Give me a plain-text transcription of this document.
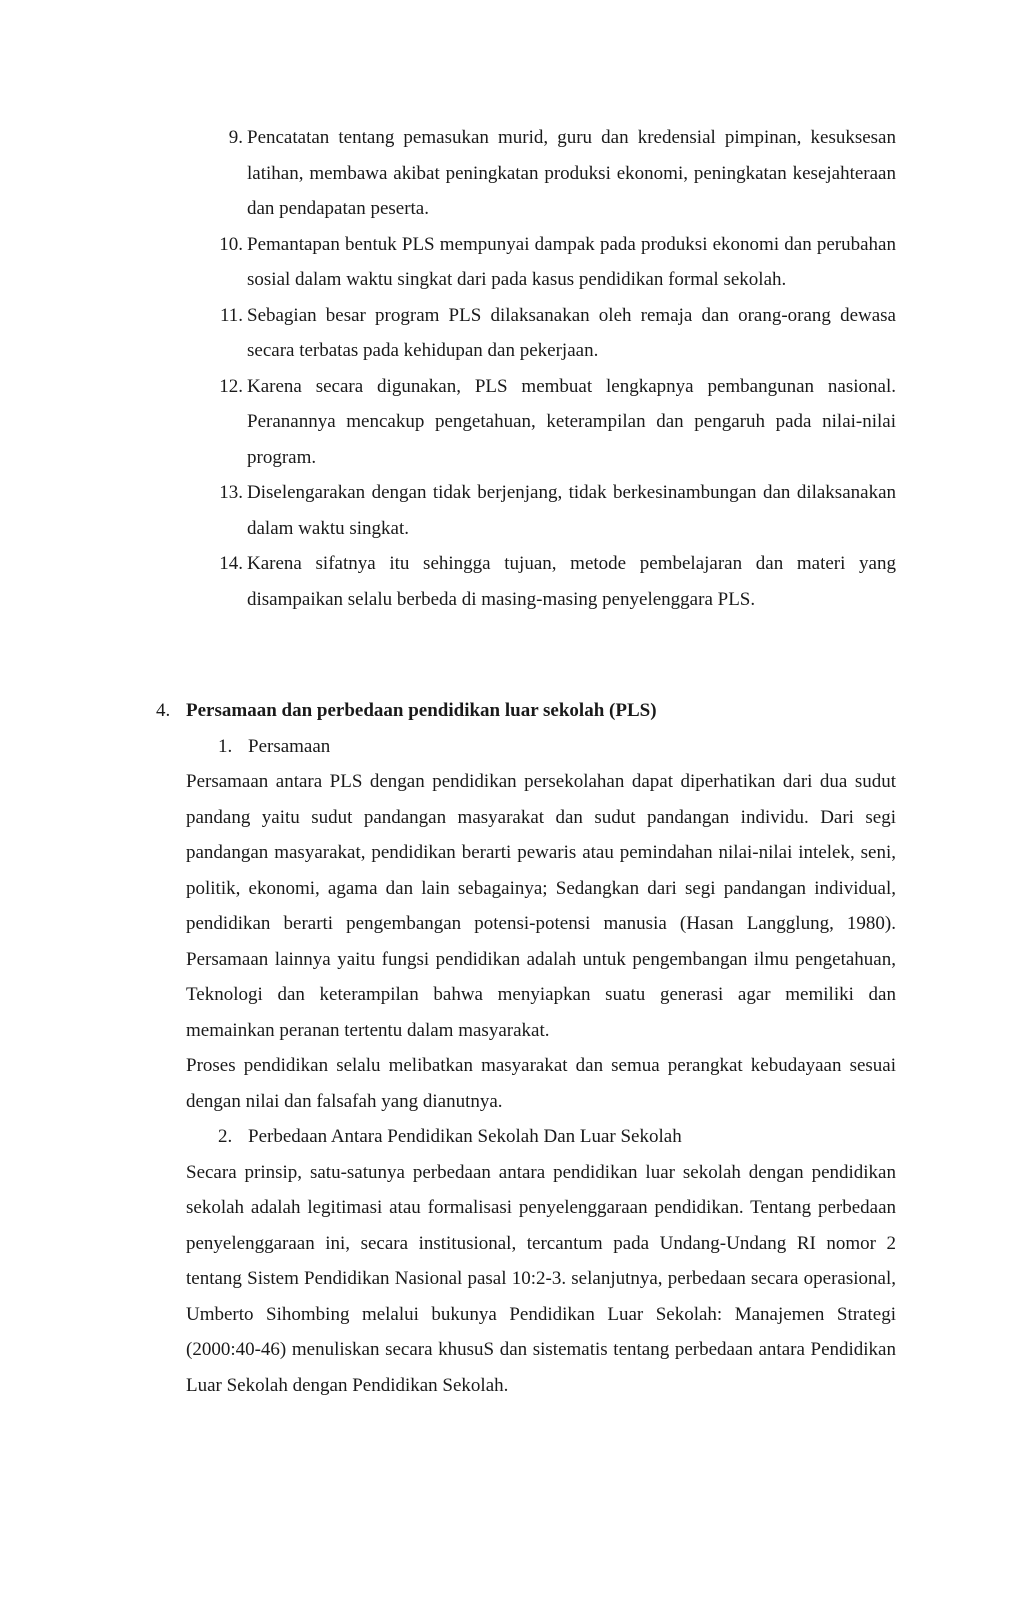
9. Pencatatan tentang pemasukan murid, guru dan kredensial pimpinan, kesuksesan latihan, membawa akibat peningkatan produksi ekonomi, peningkatan kesejahteraan dan pendapatan peserta.
10. Pemantapan bentuk PLS mempunyai dampak pada produksi ekonomi dan perubahan sosial dalam waktu singkat dari pada kasus pendidikan formal sekolah.
11. Sebagian besar program PLS dilaksanakan oleh remaja dan orang-orang dewasa secara terbatas pada kehidupan dan pekerjaan.
12. Karena secara digunakan, PLS membuat lengkapnya pembangunan nasional. Peranannya mencakup pengetahuan, keterampilan dan pengaruh pada nilai-nilai program.
13. Diselengarakan dengan tidak berjenjang, tidak berkesinambungan dan dilaksanakan dalam waktu singkat.
14. Karena sifatnya itu sehingga tujuan, metode pembelajaran dan materi yang disampaikan selalu berbeda di masing-masing penyelenggara PLS.
4. Persamaan dan perbedaan pendidikan luar sekolah (PLS)
1. Persamaan
Persamaan antara PLS dengan pendidikan persekolahan dapat diperhatikan dari dua sudut pandang yaitu sudut pandangan masyarakat dan sudut pandangan individu. Dari segi pandangan masyarakat, pendidikan berarti pewaris atau pemindahan nilai-nilai intelek, seni, politik, ekonomi, agama dan lain sebagainya; Sedangkan dari segi pandangan individual, pendidikan berarti pengembangan potensi-potensi manusia (Hasan Langglung, 1980). Persamaan lainnya yaitu fungsi pendidikan adalah untuk pengembangan ilmu pengetahuan, Teknologi dan keterampilan bahwa menyiapkan suatu generasi agar memiliki dan memainkan peranan tertentu dalam masyarakat.
Proses pendidikan selalu melibatkan masyarakat dan semua perangkat kebudayaan sesuai dengan nilai dan falsafah yang dianutnya.
2. Perbedaan Antara Pendidikan Sekolah Dan Luar Sekolah
Secara prinsip, satu-satunya perbedaan antara pendidikan luar sekolah dengan pendidikan sekolah adalah legitimasi atau formalisasi penyelenggaraan pendidikan. Tentang perbedaan penyelenggaraan ini, secara institusional, tercantum pada Undang-Undang RI nomor 2 tentang Sistem Pendidikan Nasional pasal 10:2-3. selanjutnya, perbedaan secara operasional, Umberto Sihombing melalui bukunya Pendidikan Luar Sekolah: Manajemen Strategi (2000:40-46) menuliskan secara khusuS dan sistematis tentang perbedaan antara Pendidikan Luar Sekolah dengan Pendidikan Sekolah.
